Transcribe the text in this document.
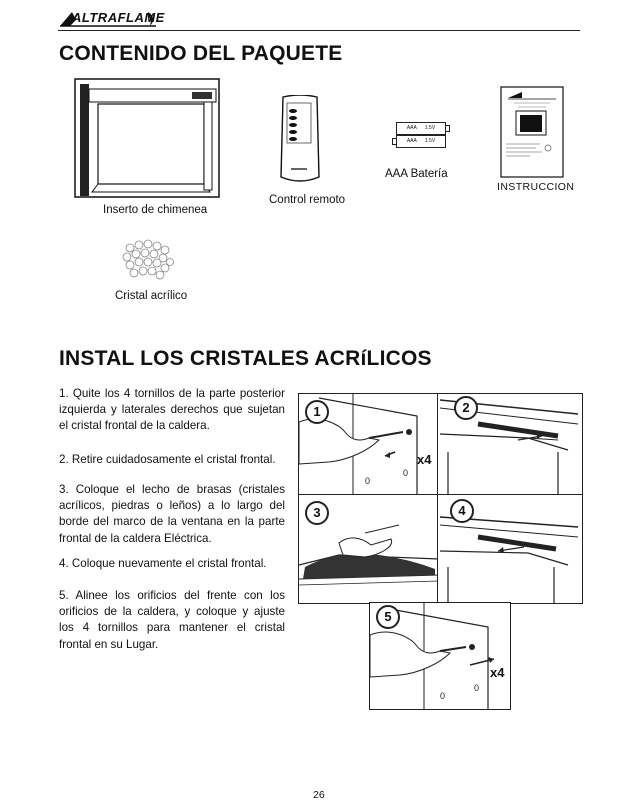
ALTRAFLAME
CONTENIDO DEL PAQUETE
Inserto de chimenea
Control remoto
AAA      1.5V
AAA      1.5V
AAA Batería
INSTRUCCION
Cristal acrílico
INSTAL LOS CRISTALES ACRíLICOS
1. Quite los 4 tornillos de la parte posterior izquierda y laterales derechos que sujetan el cristal frontal de la caldera.
2. Retire cuidadosamente el cristal frontal.
3. Coloque el lecho de brasas (cristales acrílicos, piedras o leños) a lo largo del borde del marco de la ventana en la parte frontal de la caldera Eléctrica.
4. Coloque nuevamente el cristal frontal.
5. Alinee los orificios del frente con los orificios de la caldera, y coloque y ajuste los 4 tornillos para mantener el cristal frontal en su Lugar.
0
0
1
x4
2
3	4
0
0
5
x4
26
